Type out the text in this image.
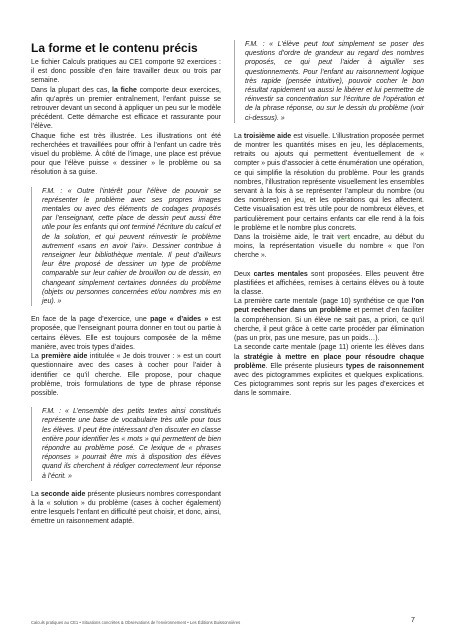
La forme et le contenu précis

Le fichier Calculs pratiques au CE1 comporte 92 exercices : il est donc possible d’en faire travailler deux ou trois par semaine.

Dans la plupart des cas, la fiche comporte deux exercices, afin qu’après un premier entraînement, l’enfant puisse se retrouver devant un second à appliquer un peu sur le modèle précédent. Cette démarche est efficace et rassurante pour l’élève.

Chaque fiche est très illustrée. Les illustrations ont été recherchées et travaillées pour offrir à l’enfant un cadre très visuel du problème. À côté de l’image, une place est prévue pour que l’élève puisse « dessiner » le problème ou sa résolution à sa guise.

F.M. : « Outre l’intérêt pour l’élève de pouvoir se représenter le problème avec ses propres images mentales ou avec des éléments de codages proposés par l’enseignant, cette place de dessin peut aussi être utile pour les enfants qui ont terminé l’écriture du calcul et de la solution, et qui peuvent réinvestir le problème autrement «sans en avoir l’air». Dessiner contribue à renseigner leur bibliothèque mentale. Il peut d’ailleurs leur être proposé de dessiner un type de problème comparable sur leur cahier de brouillon ou de dessin, en changeant simplement certaines données du problème (objets ou personnes concernées et/ou nombres mis en jeu). »

En face de la page d’exercice, une page « d’aides » est proposée, que l’enseignant pourra donner en tout ou partie à certains élèves. Elle est toujours composée de la même manière, avec trois types d’aides.

La première aide intitulée « Je dois trouver : » est un court questionnaire avec des cases à cocher pour l’aider à identifier ce qu’il cherche. Elle propose, pour chaque problème, trois formulations de type de phrase réponse possible.

F.M. : « L’ensemble des petits textes ainsi constitués représente une base de vocabulaire très utile pour tous les élèves. Il peut être intéressant d’en discuter en classe entière pour identifier les « mots » qui permettent de bien répondre au problème posé. Ce lexique de « phrases réponses » pourrait être mis à disposition des élèves quand ils cherchent à rédiger correctement leur réponse à l’écrit. »

La seconde aide présente plusieurs nombres correspondant à la « solution » du problème (cases à cocher également) entre lesquels l’enfant en difficulté peut choisir, et donc, ainsi, émettre un raisonnement adapté.

F.M. : « L’élève peut tout simplement se poser des questions d’ordre de grandeur au regard des nombres proposés, ce qui peut l’aider à aiguiller ses questionnements. Pour l’enfant au raisonnement logique très rapide (pensée intuitive), pouvoir cocher le bon résultat rapidement va aussi le libérer et lui permettre de réinvestir sa concentration sur l’écriture de l’opération et de la phrase réponse, ou sur le dessin du problème (voir ci-dessus). »

La troisième aide est visuelle. L’illustration proposée permet de montrer les quantités mises en jeu, les déplacements, retraits ou ajouts qui permettent éventuellement de « compter » puis d’associer à cette énumération une opération, ce qui simplifie la résolution du problème. Pour les grands nombres, l’illustration représente visuellement les ensembles servant à la fois à se représenter l’ampleur du nombre (ou des nombres) en jeu, et les opérations qui les affectent. Cette visualisation est très utile pour de nombreux élèves, et particulièrement pour certains enfants car elle rend à la fois le problème et le nombre plus concrets.

Dans la troisième aide, le trait vert encadre, au début du moins, la représentation visuelle du nombre « que l’on cherche ».

Deux cartes mentales sont proposées. Elles peuvent être plastifiées et affichées, remises à certains élèves ou à toute la classe.

La première carte mentale (page 10) synthétise ce que l’on peut rechercher dans un problème et permet d’en faciliter la compréhension. Si un élève ne sait pas, a priori, ce qu’il cherche, il peut grâce à cette carte procéder par élimination (pas un prix, pas une mesure, pas un poids…).

La seconde carte mentale (page 11) oriente les élèves dans la stratégie à mettre en place pour résoudre chaque problème. Elle présente plusieurs types de raisonnement avec des pictogrammes explicites et quelques explications. Ces pictogrammes sont repris sur les pages d’exercices et dans le sommaire.

Calculs pratiques au CE1 • Situations concrètes & Observations de l’environnement • Les Éditions Buissonnières	7
